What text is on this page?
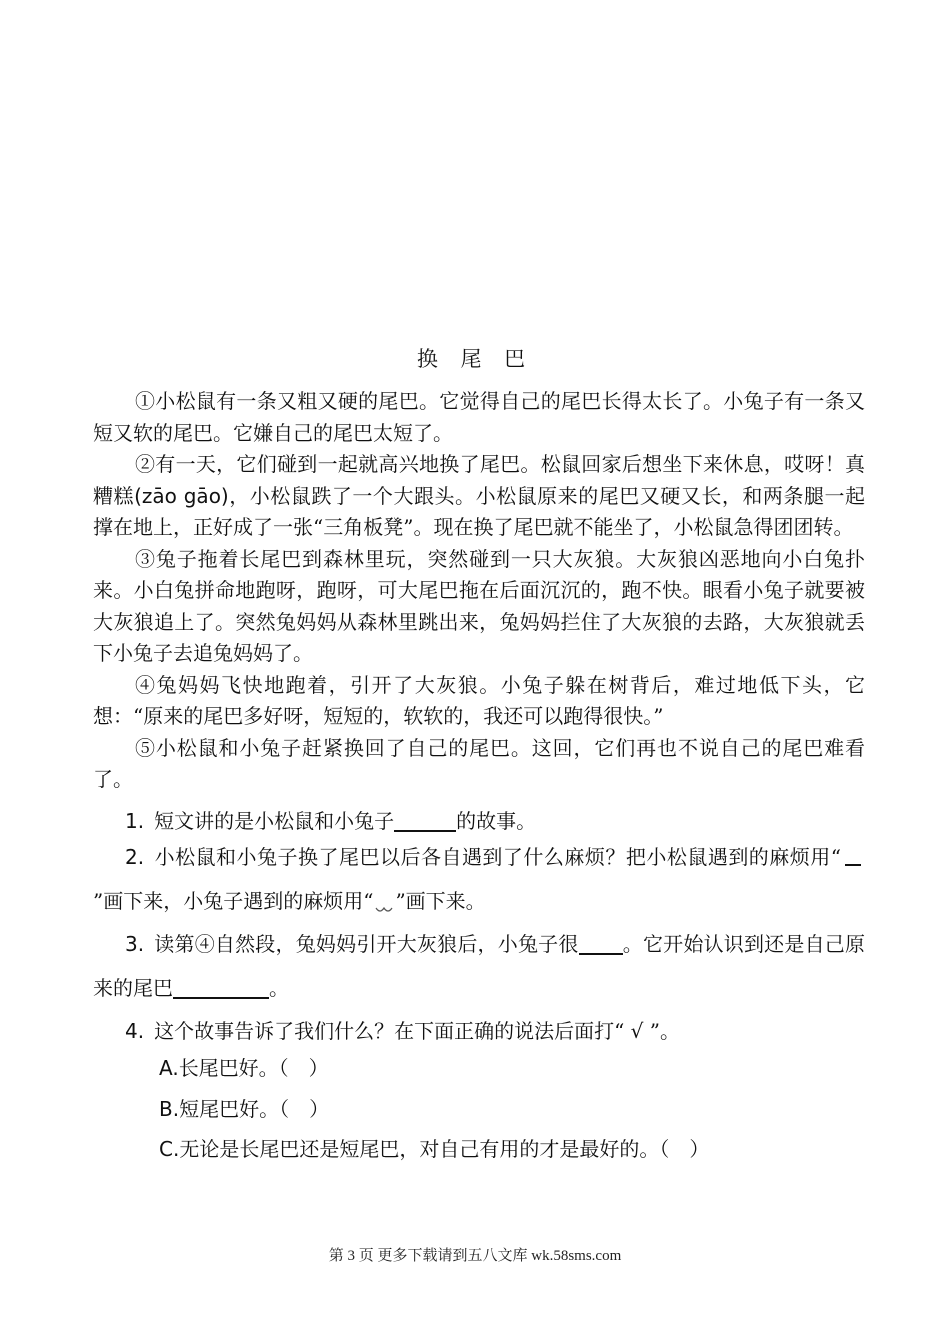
换 尾 巴

①小松鼠有一条又粗又硬的尾巴。它觉得自己的尾巴长得太长了。小兔子有一条又短又软的尾巴。它嫌自己的尾巴太短了。

②有一天，它们碰到一起就高兴地换了尾巴。松鼠回家后想坐下来休息，哎呀！真糟糕(zāo gāo)，小松鼠跌了一个大跟头。小松鼠原来的尾巴又硬又长，和两条腿一起撑在地上，正好成了一张“三角板凳”。现在换了尾巴就不能坐了，小松鼠急得团团转。

③兔子拖着长尾巴到森林里玩，突然碰到一只大灰狼。大灰狼凶恶地向小白兔扑来。小白兔拼命地跑呀，跑呀，可大尾巴拖在后面沉沉的，跑不快。眼看小兔子就要被大灰狼追上了。突然兔妈妈从森林里跳出来，兔妈妈拦住了大灰狼的去路，大灰狼就丢下小兔子去追兔妈妈了。

④兔妈妈飞快地跑着，引开了大灰狼。小兔子躲在树背后，难过地低下头，它想：“原来的尾巴多好呀，短短的，软软的，我还可以跑得很快。”

⑤小松鼠和小兔子赶紧换回了自己的尾巴。这回，它们再也不说自己的尾巴难看了。

1. 短文讲的是小松鼠和小兔子	的故事。
2. 小松鼠和小兔子换了尾巴以后各自遇到了什么麻烦？把小松鼠遇到的麻烦用“”画下来，小兔子遇到的麻烦用“ ”画下来。
3. 读第④自然段，兔妈妈引开大灰狼后，小兔子很 。它开始认识到还是自己原来的尾巴	。
4. 这个故事告诉了我们什么？在下面正确的说法后面打“ √ ”。
A.长尾巴好。（　）
B.短尾巴好。（　）
C.无论是长尾巴还是短尾巴，对自己有用的才是最好的。（　）
第 3 页 更多下载请到五八文库 wk.58sms.com
